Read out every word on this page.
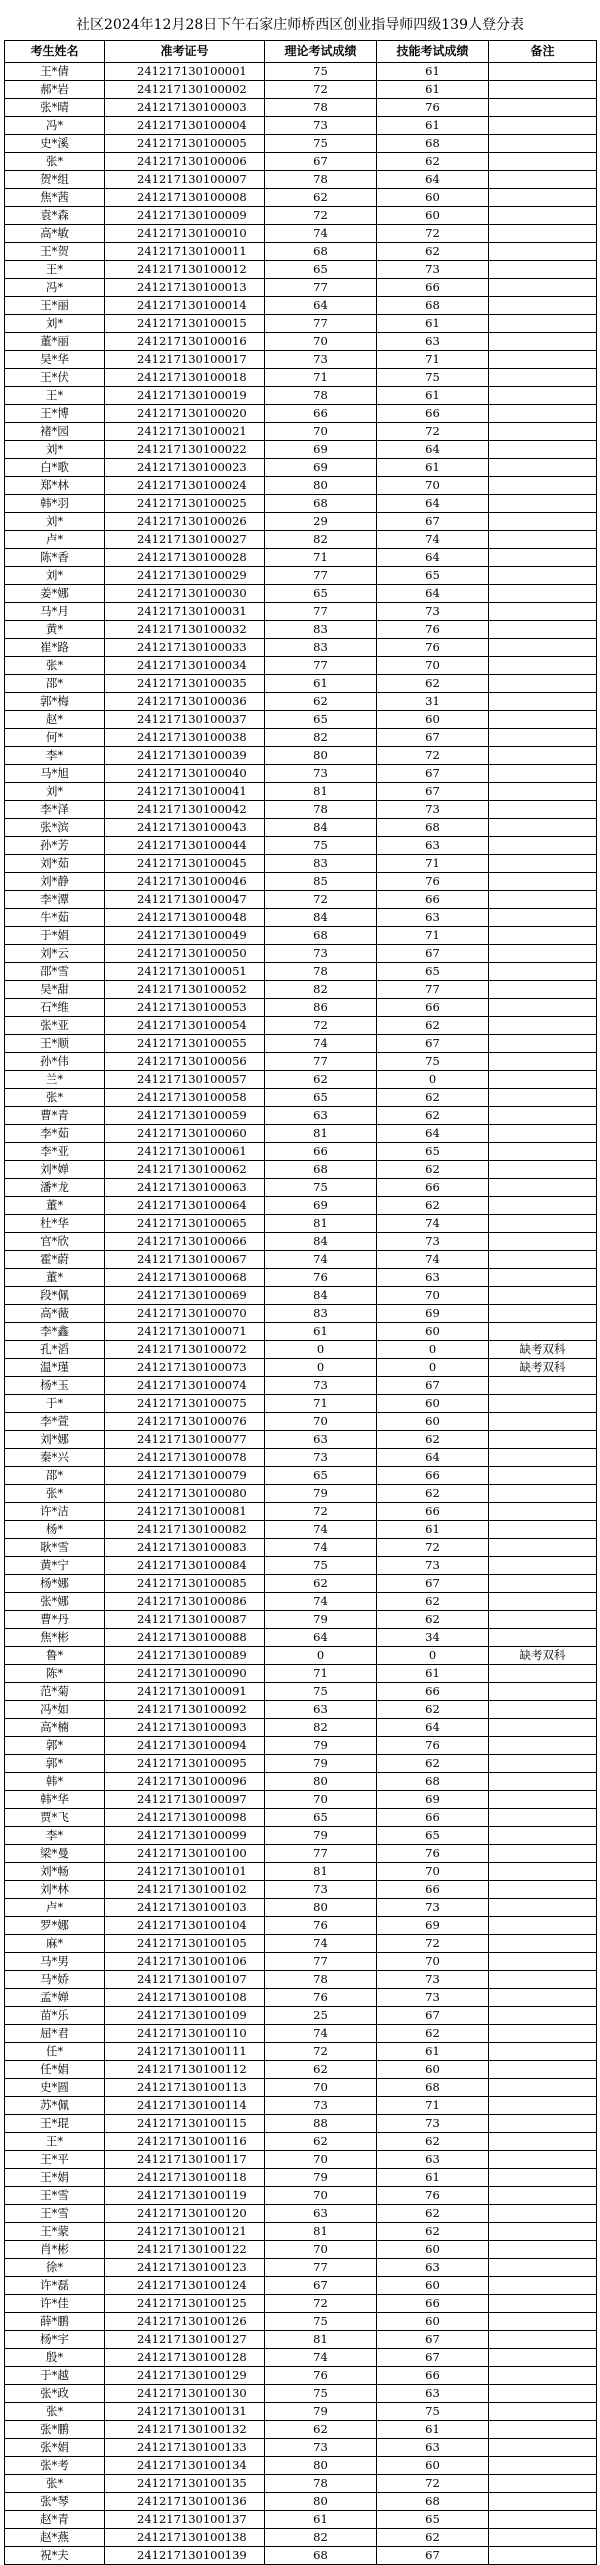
社区2024年12月28日下午石家庄师桥西区创业指导师四级139人登分表
考生姓名	准考证号	理论考试成绩	技能考试成绩	备注
王*倩	241217130100001	75	61	
郝*岩	241217130100002	72	61	
张*晴	241217130100003	78	76	
冯*	241217130100004	73	61	
史*溪	241217130100005	75	68	
张*	241217130100006	67	62	
贺*组	241217130100007	78	64	
焦*茜	241217130100008	62	60	
袁*森	241217130100009	72	60	
高*敏	241217130100010	74	72	
王*贺	241217130100011	68	62	
王*	241217130100012	65	73	
冯*	241217130100013	77	66	
王*丽	241217130100014	64	68	
刘*	241217130100015	77	61	
董*丽	241217130100016	70	63	
吴*华	241217130100017	73	71	
王*伏	241217130100018	71	75	
王*	241217130100019	78	61	
王*博	241217130100020	66	66	
褚*园	241217130100021	70	72	
刘*	241217130100022	69	64	
白*歌	241217130100023	69	61	
郑*林	241217130100024	80	70	
韩*羽	241217130100025	68	64	
刘*	241217130100026	29	67	
卢*	241217130100027	82	74	
陈*香	241217130100028	71	64	
刘*	241217130100029	77	65	
姜*娜	241217130100030	65	64	
马*月	241217130100031	77	73	
黄*	241217130100032	83	76	
崔*路	241217130100033	83	76	
张*	241217130100034	77	70	
邵*	241217130100035	61	62	
郭*梅	241217130100036	62	31	
赵*	241217130100037	65	60	
何*	241217130100038	82	67	
李*	241217130100039	80	72	
马*旭	241217130100040	73	67	
刘*	241217130100041	81	67	
李*泽	241217130100042	78	73	
张*滨	241217130100043	84	68	
孙*芳	241217130100044	75	63	
刘*茹	241217130100045	83	71	
刘*静	241217130100046	85	76	
李*潭	241217130100047	72	66	
牛*茹	241217130100048	84	63	
于*娟	241217130100049	68	71	
刘*云	241217130100050	73	67	
邵*雪	241217130100051	78	65	
吴*甜	241217130100052	82	77	
石*维	241217130100053	86	66	
张*亚	241217130100054	72	62	
王*顺	241217130100055	74	67	
孙*伟	241217130100056	77	75	
兰*	241217130100057	62	0	
张*	241217130100058	65	62	
曹*青	241217130100059	63	62	
李*茹	241217130100060	81	64	
李*亚	241217130100061	66	65	
刘*婵	241217130100062	68	62	
潘*龙	241217130100063	75	66	
董*	241217130100064	69	62	
杜*华	241217130100065	81	74	
官*欣	241217130100066	84	73	
霍*蔚	241217130100067	74	74	
董*	241217130100068	76	63	
段*佩	241217130100069	84	70	
高*薇	241217130100070	83	69	
李*鑫	241217130100071	61	60	
孔*滔	241217130100072	0	0	缺考双科
温*瑾	241217130100073	0	0	缺考双科
杨*玉	241217130100074	73	67	
于*	241217130100075	71	60	
李*萱	241217130100076	70	60	
刘*娜	241217130100077	63	62	
秦*兴	241217130100078	73	64	
邵*	241217130100079	65	66	
张*	241217130100080	79	62	
许*洁	241217130100081	72	66	
杨*	241217130100082	74	61	
耿*雪	241217130100083	74	72	
黄*宁	241217130100084	75	73	
杨*娜	241217130100085	62	67	
张*娜	241217130100086	74	62	
曹*丹	241217130100087	79	62	
焦*彬	241217130100088	64	34	
鲁*	241217130100089	0	0	缺考双科
陈*	241217130100090	71	61	
范*菊	241217130100091	75	66	
冯*如	241217130100092	63	62	
高*楠	241217130100093	82	64	
郭*	241217130100094	79	76	
郭*	241217130100095	79	62	
韩*	241217130100096	80	68	
韩*华	241217130100097	70	69	
贾*飞	241217130100098	65	66	
李*	241217130100099	79	65	
梁*曼	241217130100100	77	76	
刘*畅	241217130100101	81	70	
刘*林	241217130100102	73	66	
卢*	241217130100103	80	73	
罗*娜	241217130100104	76	69	
麻*	241217130100105	74	72	
马*男	241217130100106	77	70	
马*娇	241217130100107	78	73	
孟*婵	241217130100108	76	73	
苗*乐	241217130100109	25	67	
屈*君	241217130100110	74	62	
任*	241217130100111	72	61	
任*娟	241217130100112	62	60	
史*圆	241217130100113	70	68	
苏*佩	241217130100114	73	71	
王*琨	241217130100115	88	73	
王*	241217130100116	62	62	
王*平	241217130100117	70	63	
王*娟	241217130100118	79	61	
王*雪	241217130100119	70	76	
王*雪	241217130100120	63	62	
王*蒙	241217130100121	81	62	
肖*彬	241217130100122	70	60	
徐*	241217130100123	77	63	
许*磊	241217130100124	67	60	
许*佳	241217130100125	72	66	
薛*鹏	241217130100126	75	60	
杨*宇	241217130100127	81	67	
殷*	241217130100128	74	67	
于*越	241217130100129	76	66	
张*政	241217130100130	75	63	
张*	241217130100131	79	75	
张*鹏	241217130100132	62	61	
张*娟	241217130100133	73	63	
张*考	241217130100134	80	60	
张*	241217130100135	78	72	
张*琴	241217130100136	80	68	
赵*青	241217130100137	61	65	
赵*燕	241217130100138	82	62	
祝*夫	241217130100139	68	67	
